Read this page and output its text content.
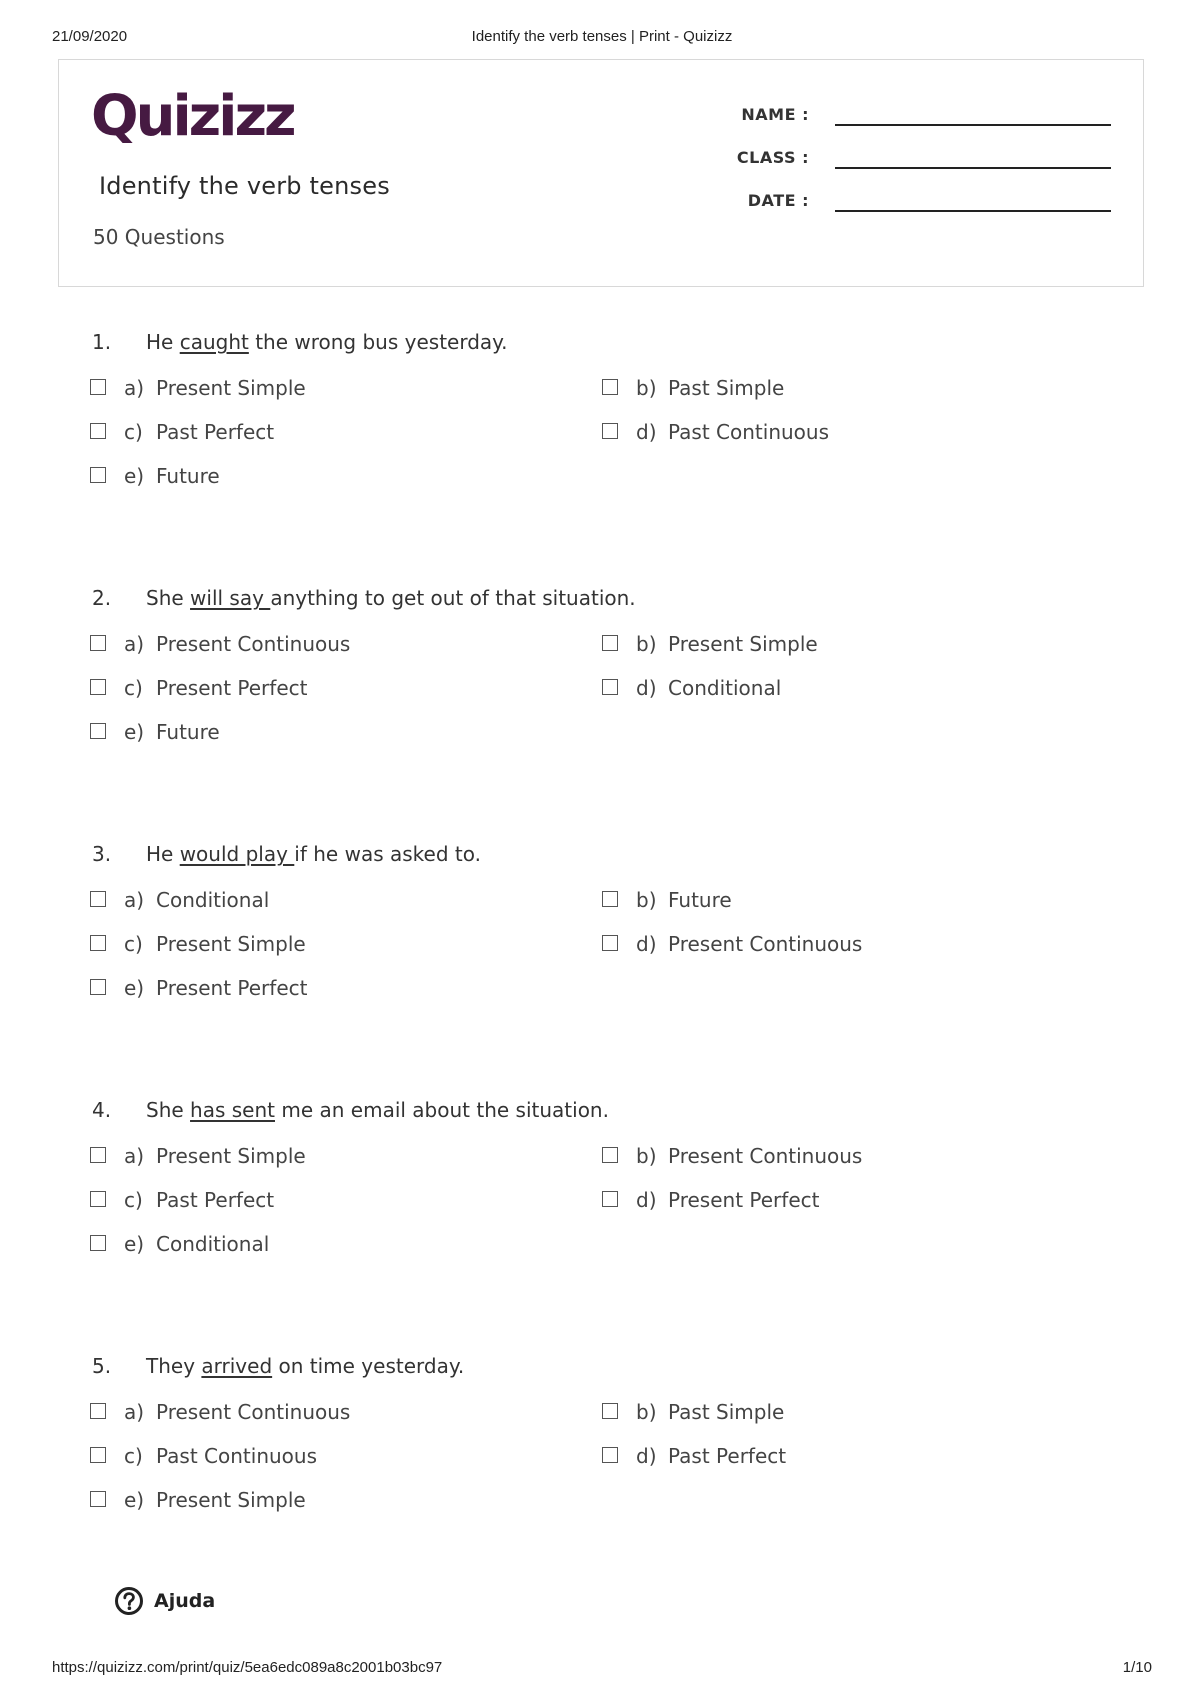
21/09/2020	Identify the verb tenses | Print - Quizizz
Quizizz
Identify the verb tenses
50 Questions
NAME :
CLASS :
DATE :
1. He caught the wrong bus yesterday.
a) Present Simple	b) Past Simple
c) Past Perfect	d) Past Continuous
e) Future
2. She will say anything to get out of that situation.
a) Present Continuous	b) Present Simple
c) Present Perfect	d) Conditional
e) Future
3. He would play if he was asked to.
a) Conditional	b) Future
c) Present Simple	d) Present Continuous
e) Present Perfect
4. She has sent me an email about the situation.
a) Present Simple	b) Present Continuous
c) Past Perfect	d) Present Perfect
e) Conditional
5. They arrived on time yesterday.
a) Present Continuous	b) Past Simple
c) Past Continuous	d) Past Perfect
e) Present Simple
Ajuda
https://quizizz.com/print/quiz/5ea6edc089a8c2001b03bc97	1/10
